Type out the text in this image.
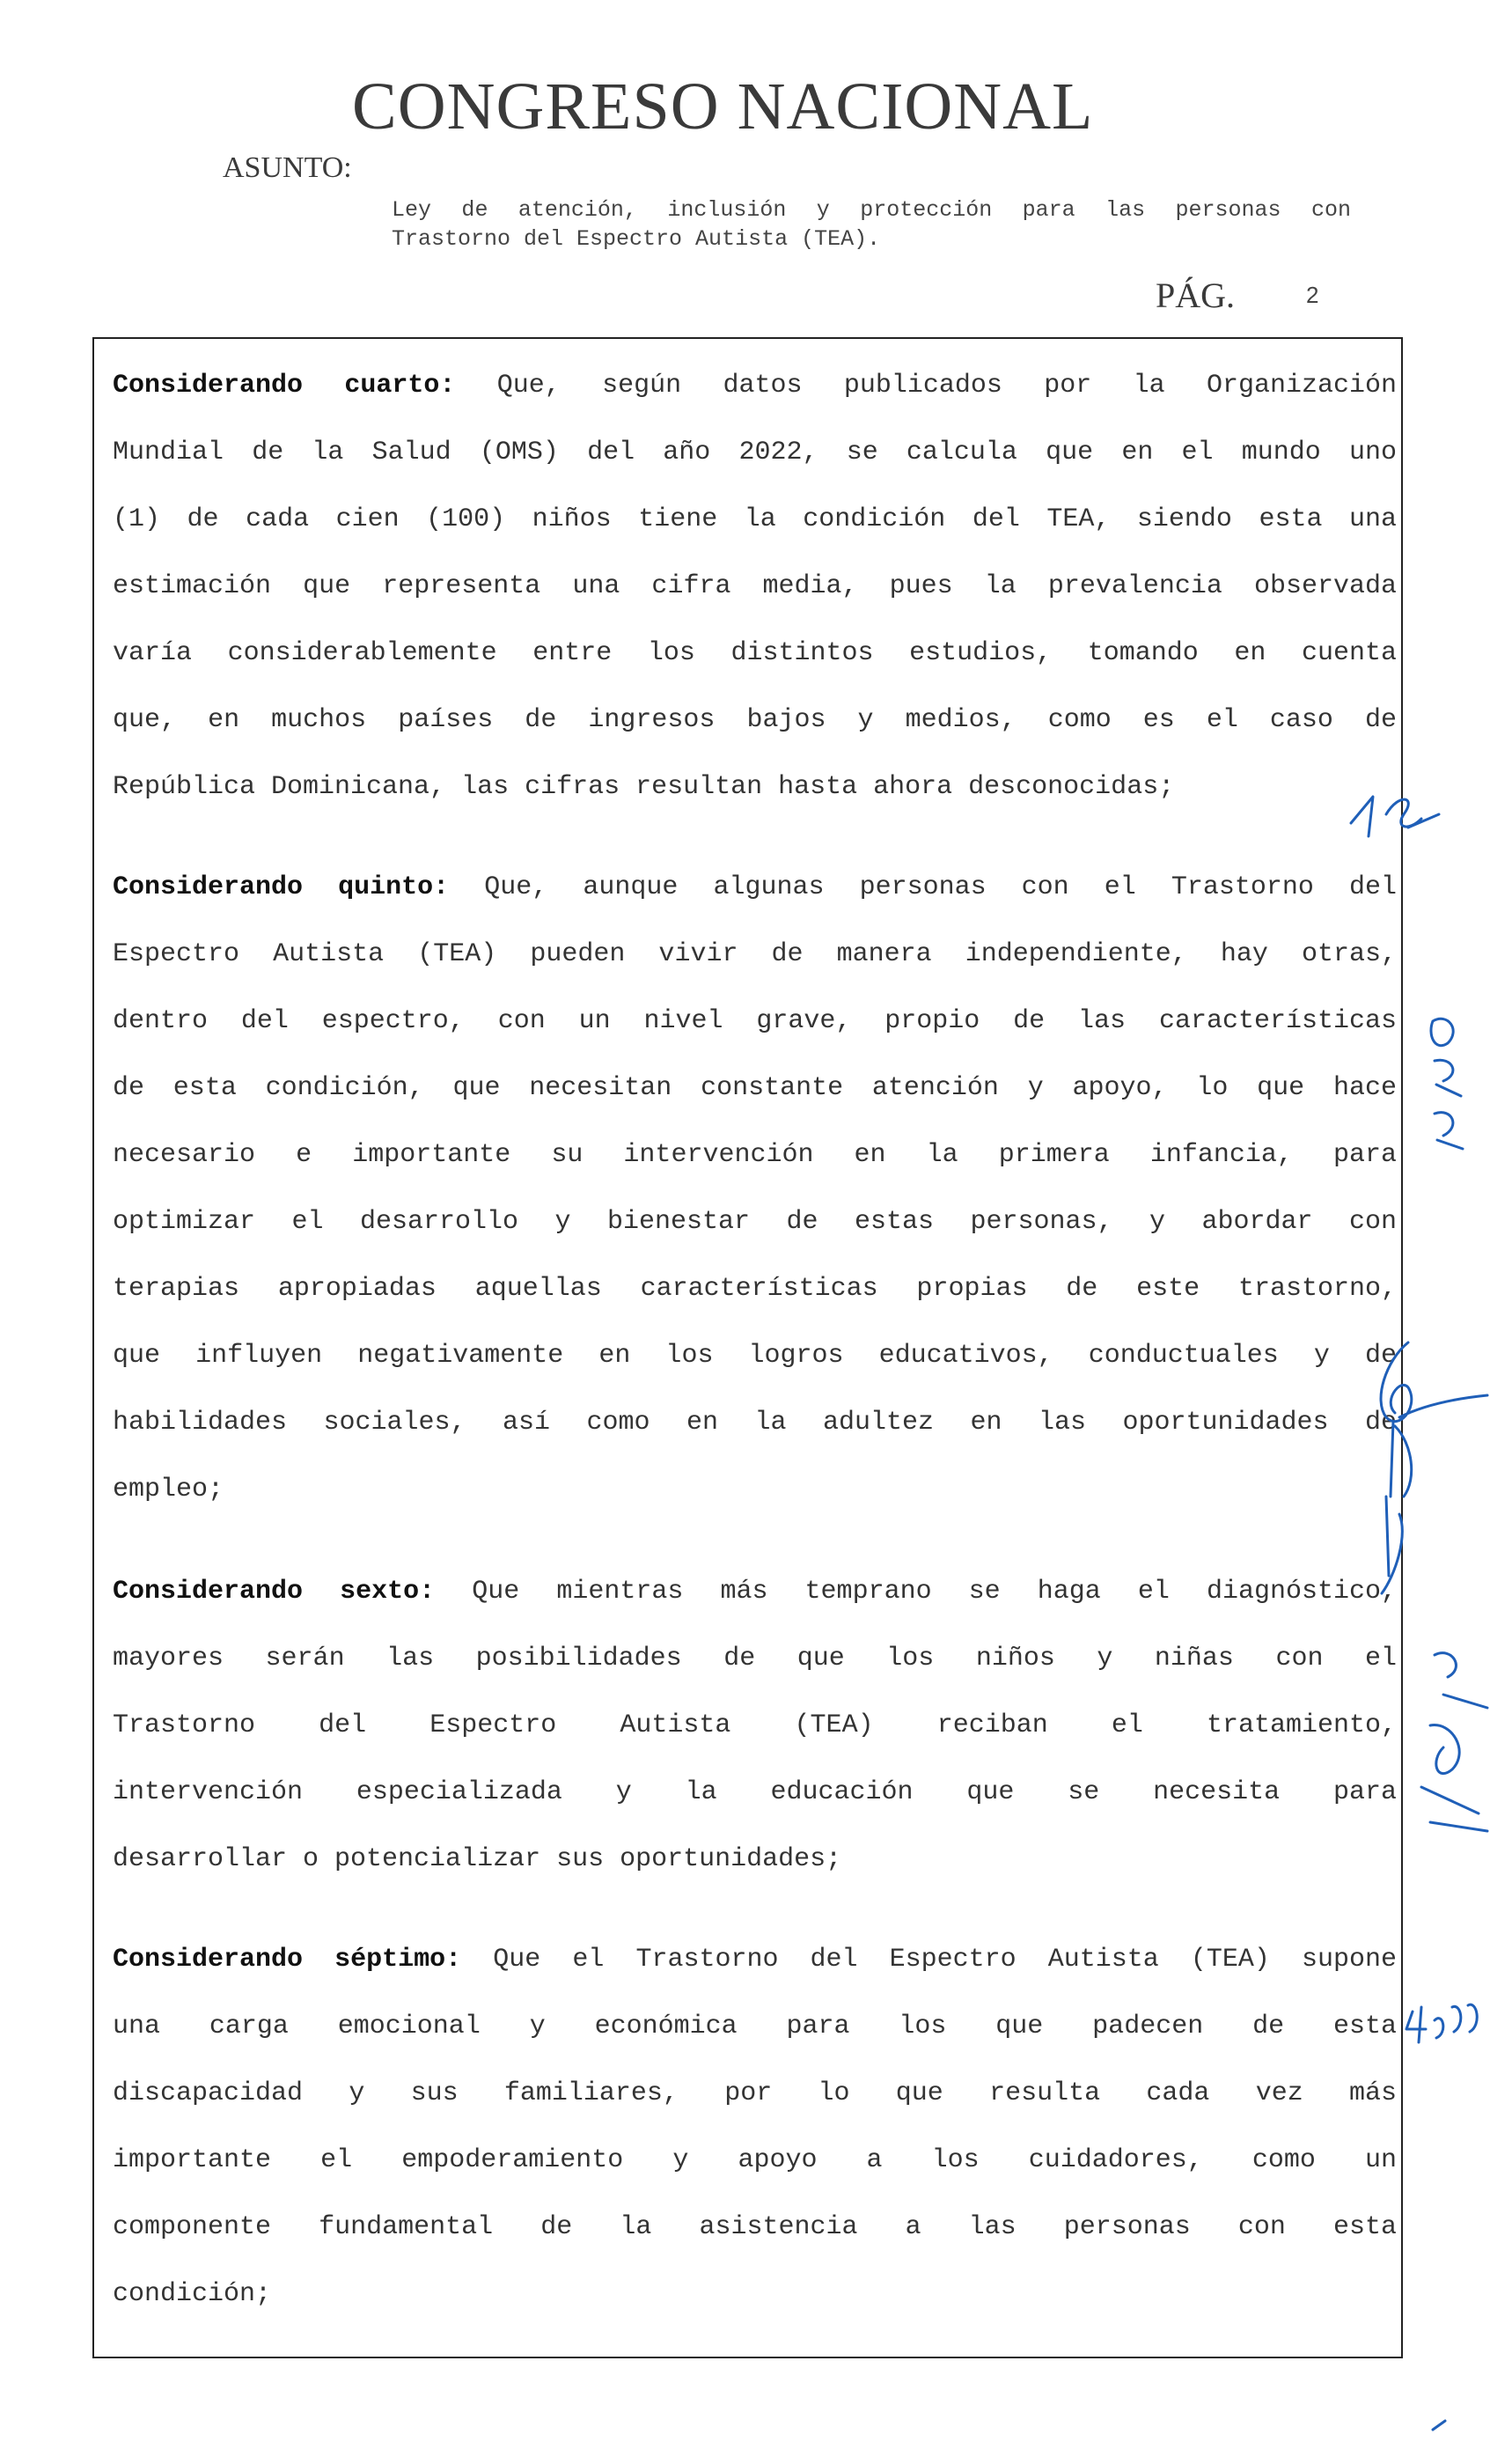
CONGRESO NACIONAL
ASUNTO:
Ley de atención, inclusión y protección para las personas con
Trastorno del Espectro Autista (TEA).
PÁG.	2
Considerando cuarto: Que, según datos publicados por la Organización
Mundial de la Salud (OMS) del año 2022, se calcula que en el mundo uno
(1) de cada cien (100) niños tiene la condición del TEA, siendo esta una
estimación que representa una cifra media, pues la prevalencia observada
varía considerablemente entre los distintos estudios, tomando en cuenta
que, en muchos países de ingresos bajos y medios, como es el caso de
República Dominicana, las cifras resultan hasta ahora desconocidas;
Considerando quinto: Que, aunque algunas personas con el Trastorno del
Espectro Autista (TEA) pueden vivir de manera independiente, hay otras,
dentro del espectro, con un nivel grave, propio de las características
de esta condición, que necesitan constante atención y apoyo, lo que hace
necesario e importante su intervención en la primera infancia, para
optimizar el desarrollo y bienestar de estas personas, y abordar con
terapias apropiadas aquellas características propias de este trastorno,
que influyen negativamente en los logros educativos, conductuales y de
habilidades sociales, así como en la adultez en las oportunidades de
empleo;
Considerando sexto: Que mientras más temprano se haga el diagnóstico,
mayores serán las posibilidades de que los niños y niñas con el
Trastorno del Espectro Autista (TEA) reciban el tratamiento,
intervención especializada y la educación que se necesita para
desarrollar o potencializar sus oportunidades;
Considerando séptimo: Que el Trastorno del Espectro Autista (TEA) supone
una carga emocional y económica para los que padecen de esta
discapacidad y sus familiares, por lo que resulta cada vez más
importante el empoderamiento y apoyo a los cuidadores, como un
componente fundamental de la asistencia a las personas con esta
condición;
